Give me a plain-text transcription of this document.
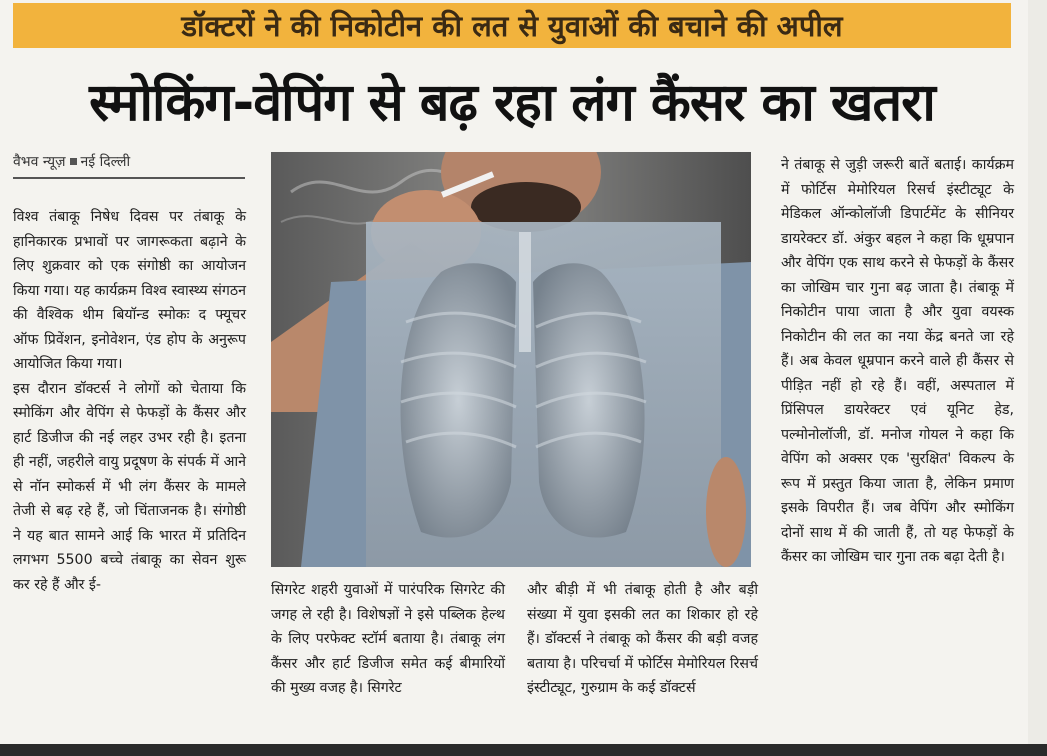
डॉक्टरों ने की निकोटीन की लत से युवाओं की बचाने की अपील
स्मोकिंग-वेपिंग से बढ़ रहा लंग कैंसर का खतरा
वैभव न्यूज़ नई दिल्ली

विश्व तंबाकू निषेध दिवस पर तंबाकू के हानिकारक प्रभावों पर जागरूकता बढ़ाने के लिए शुक्रवार को एक संगोष्ठी का आयोजन किया गया। यह कार्यक्रम विश्व स्वास्थ्य संगठन की वैश्विक थीम बियॉन्ड स्मोकः द फ्यूचर ऑफ प्रिवेंशन, इनोवेशन, एंड होप के अनुरूप आयोजित किया गया।

इस दौरान डॉक्टर्स ने लोगों को चेताया कि स्मोकिंग और वेपिंग से फेफड़ों के कैंसर और हार्ट डिजीज की नई लहर उभर रही है। इतना ही नहीं, जहरीले वायु प्रदूषण के संपर्क में आने से नॉन स्मोकर्स में भी लंग कैंसर के मामले तेजी से बढ़ रहे हैं, जो चिंताजनक है। संगोष्ठी ने यह बात सामने आई कि भारत में प्रतिदिन लगभग 5500 बच्चे तंबाकू का सेवन शुरू कर रहे हैं और ई-	सिगरेट शहरी युवाओं में पारंपरिक सिगरेट की जगह ले रही है। विशेषज्ञों ने इसे पब्लिक हेल्थ के लिए परफेक्ट स्टॉर्म बताया है। तंबाकू लंग कैंसर और हार्ट डिजीज समेत कई बीमारियों की मुख्य वजह है। सिगरेट

और बीड़ी में भी तंबाकू होती है और बड़ी संख्या में युवा इसकी लत का शिकार हो रहे हैं। डॉक्टर्स ने तंबाकू को कैंसर की बड़ी वजह बताया है। परिचर्चा में फोर्टिस मेमोरियल रिसर्च इंस्टीट्यूट, गुरुग्राम के कई डॉक्टर्स

ने तंबाकू से जुड़ी जरूरी बातें बताई। कार्यक्रम में फोर्टिस मेमोरियल रिसर्च इंस्टीट्यूट के मेडिकल ऑन्कोलॉजी डिपार्टमेंट के सीनियर डायरेक्टर डॉ. अंकुर बहल ने कहा कि धूम्रपान और वेपिंग एक साथ करने से फेफड़ों के कैंसर का जोखिम चार गुना बढ़ जाता है। तंबाकू में निकोटीन पाया जाता है और युवा वयस्क निकोटीन की लत का नया केंद्र बनते जा रहे हैं। अब केवल धूम्रपान करने वाले ही कैंसर से पीड़ित नहीं हो रहे हैं। वहीं, अस्पताल में प्रिंसिपल डायरेक्टर एवं यूनिट हेड, पल्मोनोलॉजी, डॉ. मनोज गोयल ने कहा कि वेपिंग को अक्सर एक 'सुरक्षित' विकल्प के रूप में प्रस्तुत किया जाता है, लेकिन प्रमाण इसके विपरीत हैं। जब वेपिंग और स्मोकिंग दोनों साथ में की जाती हैं, तो यह फेफड़ों के कैंसर का जोखिम चार गुना तक बढ़ा देती है।
